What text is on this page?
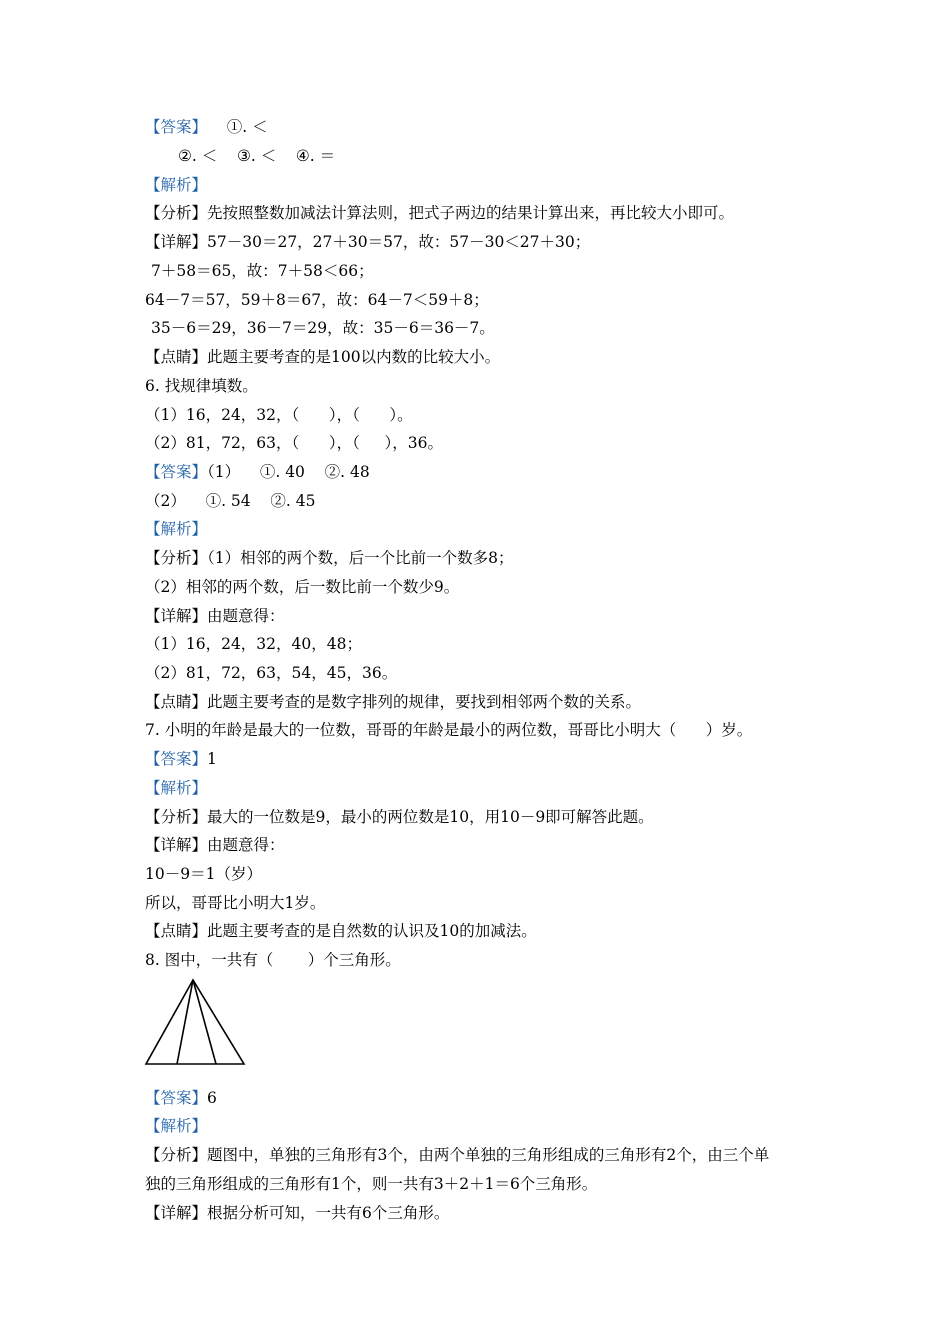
【答案】    ①. ＜
②. ＜    ③. ＜    ④. ＝
【解析】
【分析】先按照整数加减法计算法则，把式子两边的结果计算出来，再比较大小即可。
【详解】57－30＝27，27＋30＝57，故：57－30＜27＋30；
7＋58＝65，故：7＋58＜66；
64－7＝57，59＋8＝67，故：64－7＜59＋8；
35－6＝29，36－7＝29，故：35－6＝36－7。
【点睛】此题主要考查的是100以内数的比较大小。
6. 找规律填数。
（1）16，24，32，（      ），（      ）。
（2）81，72，63，（      ），（     ），36。
【答案】（1）    ①. 40    ②. 48
（2）    ①. 54    ②. 45
【解析】
【分析】（1）相邻的两个数，后一个比前一个数多8；
（2）相邻的两个数，后一数比前一个数少9。
【详解】由题意得：
（1）16，24，32，40，48；
（2）81，72，63，54，45，36。
【点睛】此题主要考查的是数字排列的规律，要找到相邻两个数的关系。
7. 小明的年龄是最大的一位数，哥哥的年龄是最小的两位数，哥哥比小明大（      ）岁。
【答案】1
【解析】
【分析】最大的一位数是9，最小的两位数是10，用10－9即可解答此题。
【详解】由题意得：
10－9＝1（岁）
所以，哥哥比小明大1岁。
【点睛】此题主要考查的是自然数的认识及10的加减法。
8. 图中，一共有（       ）个三角形。
【答案】6
【解析】
【分析】题图中，单独的三角形有3个，由两个单独的三角形组成的三角形有2个，由三个单
独的三角形组成的三角形有1个，则一共有3＋2＋1＝6个三角形。
【详解】根据分析可知，一共有6个三角形。
